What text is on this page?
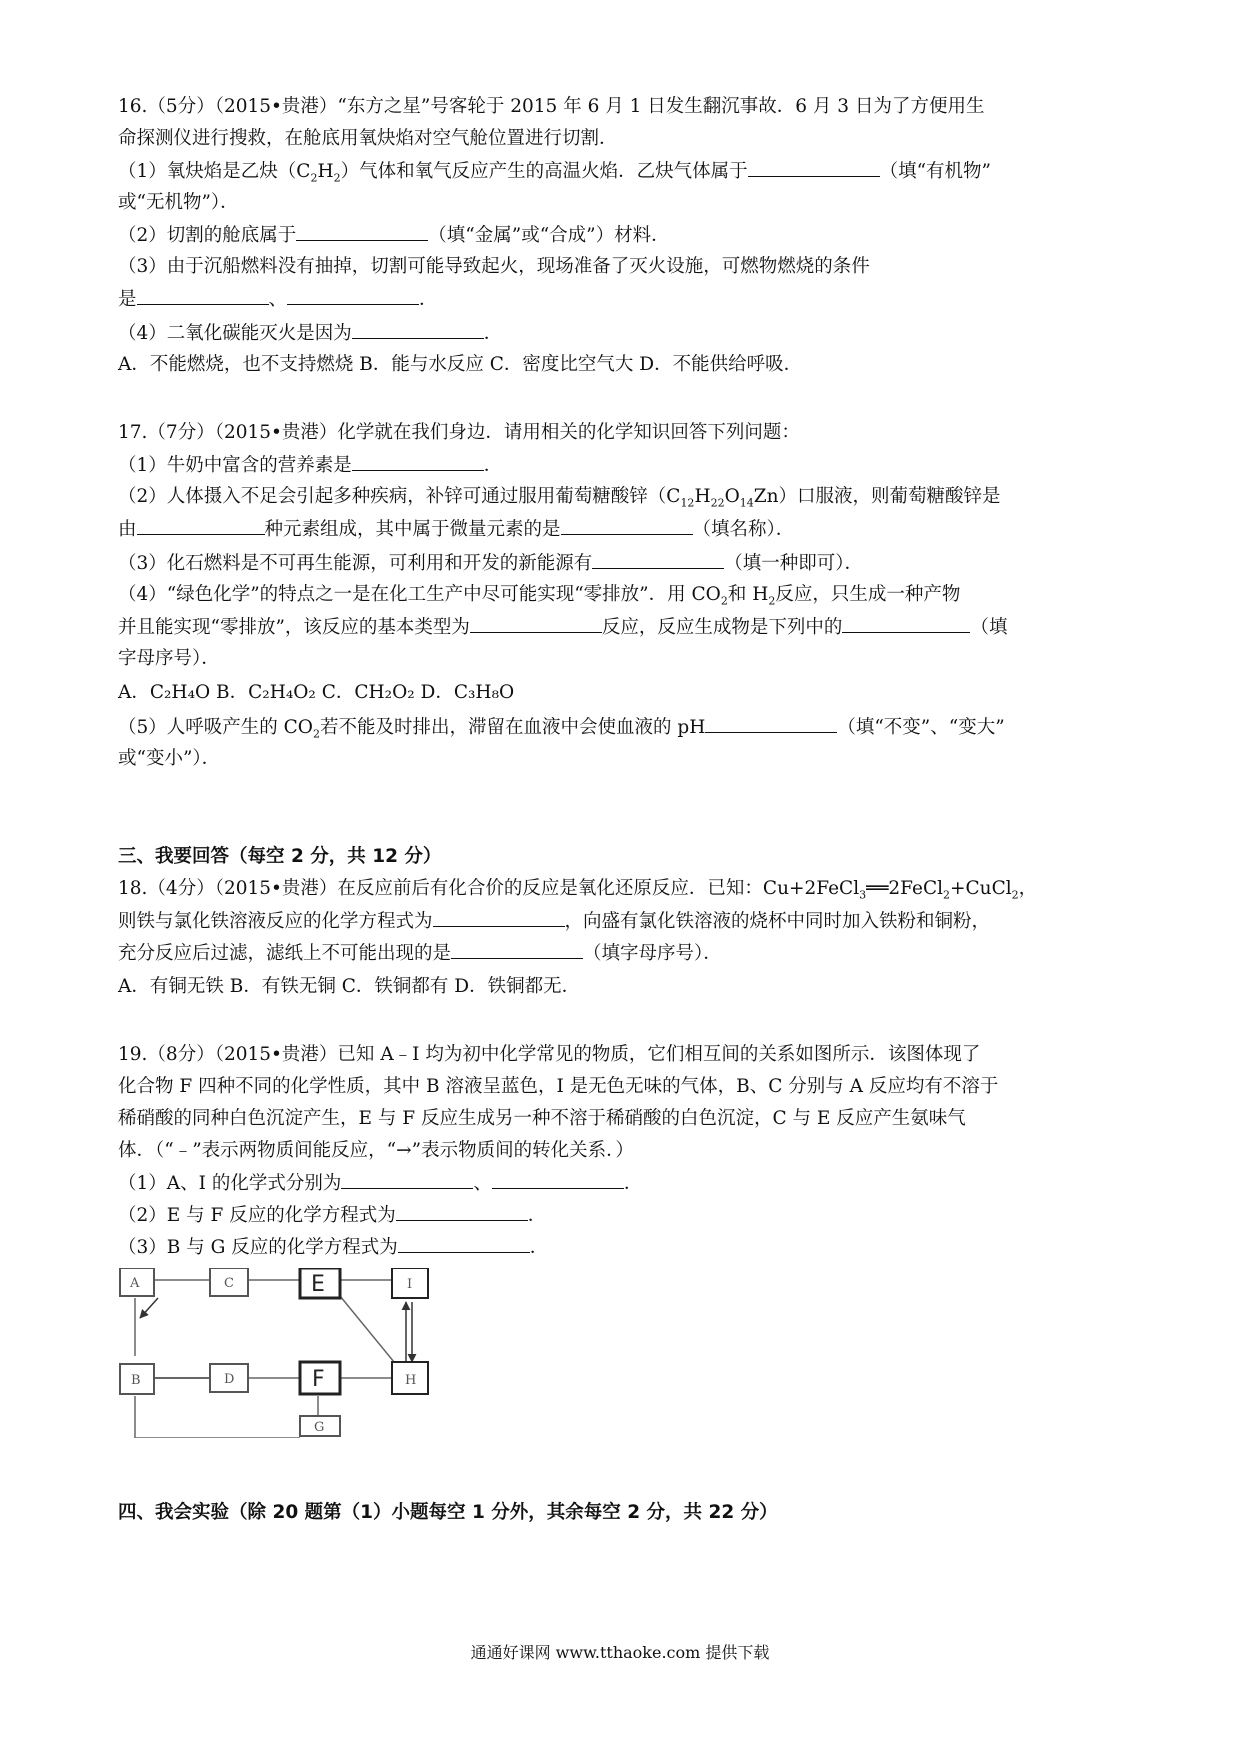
16.（5分）（2015•贵港）“东方之星”号客轮于 2015 年 6 月 1 日发生翻沉事故．6 月 3 日为了方便用生
命探测仪进行搜救，在舱底用氧炔焰对空气舱位置进行切割．
（1）氧炔焰是乙炔$(C_2H_2)$气体和氧气反应产生的高温火焰．乙炔气体属于	（填“有机物”
或“无机物”）．
（2）切割的舱底属于	（填“金属”或“合成”）材料．
（3）由于沉船燃料没有抽掉，切割可能导致起火，现场准备了灭火设施，可燃物燃烧的条件
是	、	．
（4）二氧化碳能灭火是因为	．
A．不能燃烧，也不支持燃烧 B．能与水反应 C．密度比空气大 D．不能供给呼吸．
17.（7分）（2015•贵港）化学就在我们身边．请用相关的化学知识回答下列问题：
（1）牛奶中富含的营养素是	．
（2）人体摄入不足会引起多种疾病，补锌可通过服用葡萄糖酸锌$(C_{12}H_{22}O_{14}Zn)$口服液，则葡萄糖酸锌是
由	种元素组成，其中属于微量元素的是	（填名称）．
（3）化石燃料是不可再生能源，可利用和开发的新能源有	（填一种即可）．
（4）“绿色化学”的特点之一是在化工生产中尽可能实现“零排放”．用 $CO_2$和 $H_2$反应，只生成一种产物
并且能实现“零排放”，该反应的基本类型为	反应，反应生成物是下列中的	（填
字母序号）．
A．C₂H₄O B．C₂H₄O₂ C．CH₂O₂ D．C₃H₈O
（5）人呼吸产生的 $CO_2$若不能及时排出，滞留在血液中会使血液的 pH	（填“不变”、“变大”
或“变小”）．
三、我要回答（每空 2 分，共 12 分）
18.（4分）（2015•贵港）在反应前后有化合价的反应是氧化还原反应．已知：Cu+2FeCl$_3$══2FeCl$_2$+CuCl$_2$，
则铁与氯化铁溶液反应的化学方程式为	，向盛有氯化铁溶液的烧杯中同时加入铁粉和铜粉，
充分反应后过滤，滤纸上不可能出现的是	（填字母序号）．
A．有铜无铁 B．有铁无铜 C．铁铜都有 D．铁铜都无．
19.（8分）（2015•贵港）已知 A﹣I 均为初中化学常见的物质，它们相互间的关系如图所示．该图体现了
化合物 F 四种不同的化学性质，其中 B 溶液呈蓝色，I 是无色无味的气体，B、C 分别与 A 反应均有不溶于
稀硝酸的同种白色沉淀产生，E 与 F 反应生成另一种不溶于稀硝酸的白色沉淀，C 与 E 反应产生氨味气
体．（“﹣”表示两物质间能反应，“→”表示物质间的转化关系．）
（1）A、I 的化学式分别为	、	．
（2）E 与 F 反应的化学方程式为	．
（3）B 与 G 反应的化学方程式为	．
A	C	E	I
B	D	F	H
G
四、我会实验（除 20 题第（1）小题每空 1 分外，其余每空 2 分，共 22 分）
通通好课网 www.tthaoke.com 提供下载
